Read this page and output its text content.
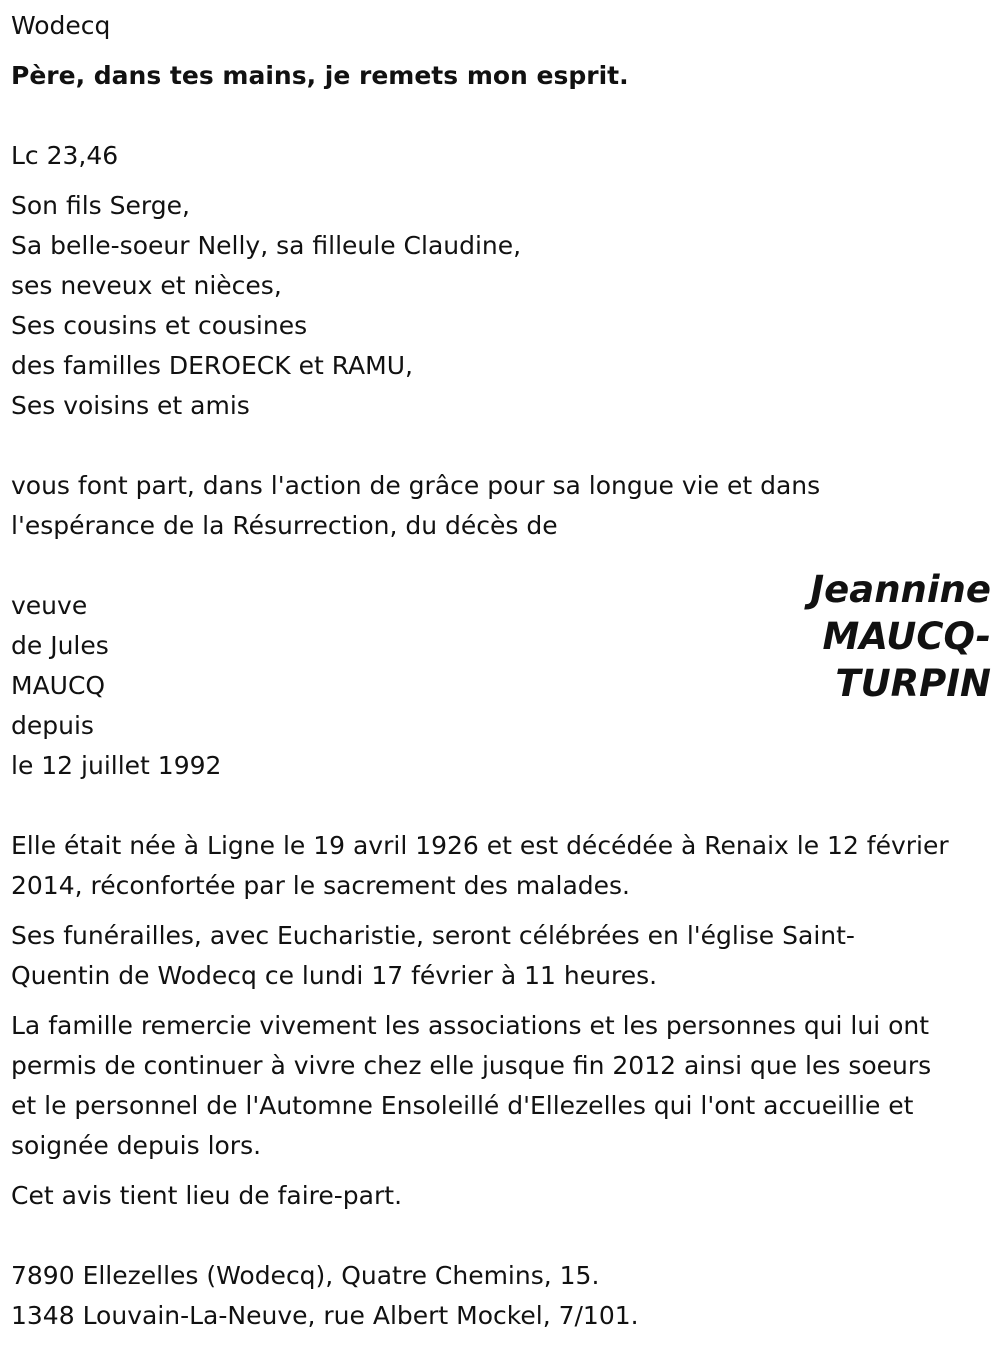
Wodecq
Père, dans tes mains, je remets mon esprit.
Lc 23,46
Son fils Serge,
Sa belle-soeur Nelly, sa filleule Claudine,
ses neveux et nièces,
Ses cousins et cousines
des familles DEROECK et RAMU,
Ses voisins et amis
vous font part, dans l'action de grâce pour sa longue vie et dans
l'espérance de la Résurrection, du décès de
veuve
de Jules
MAUCQ
depuis
le 12 juillet 1992
Jeannine
MAUCQ-
TURPIN
Elle était née à Ligne le 19 avril 1926 et est décédée à Renaix le 12 février
2014, réconfortée par le sacrement des malades.
Ses funérailles, avec Eucharistie, seront célébrées en l'église Saint-
Quentin de Wodecq ce lundi 17 février à 11 heures.
La famille remercie vivement les associations et les personnes qui lui ont
permis de continuer à vivre chez elle jusque fin 2012 ainsi que les soeurs
et le personnel de l'Automne Ensoleillé d'Ellezelles qui l'ont accueillie et
soignée depuis lors.
Cet avis tient lieu de faire-part.
7890 Ellezelles (Wodecq), Quatre Chemins, 15.
1348 Louvain-La-Neuve, rue Albert Mockel, 7/101.
